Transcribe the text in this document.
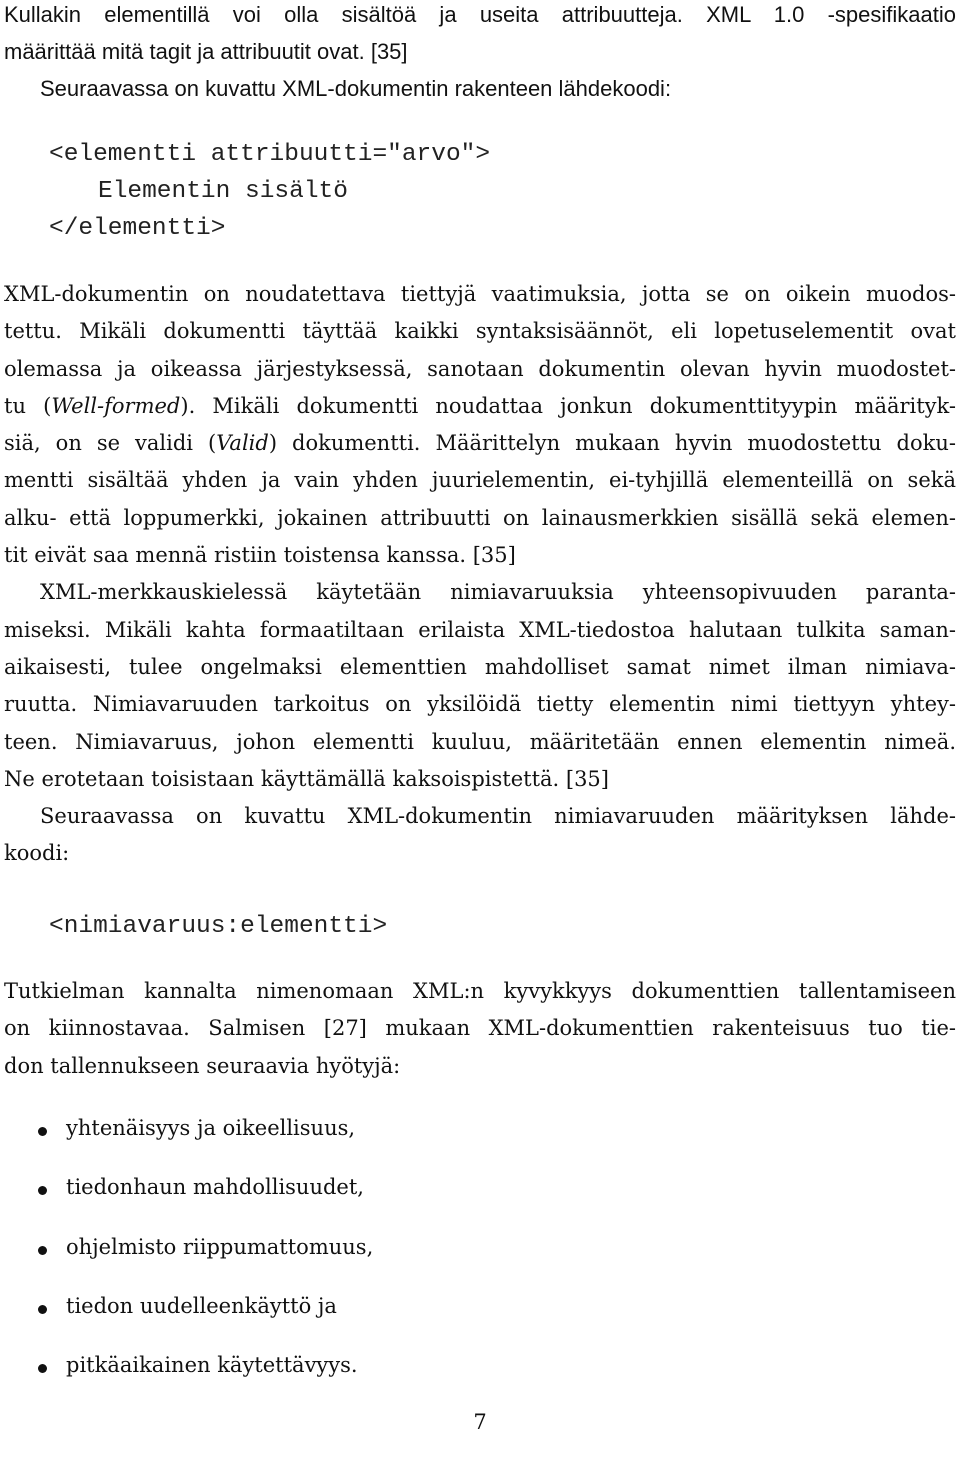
Kullakin elementillä voi olla sisältöä ja useita attribuutteja. XML 1.0 -spesifikaatio
määrittää mitä tagit ja attribuutit ovat. [35]
Seuraavassa on kuvattu XML-dokumentin rakenteen lähdekoodi:
<elementti attribuutti="arvo">
Elementin sisältö
</elementti>
XML-dokumentin on noudatettava tiettyjä vaatimuksia, jotta se on oikein muodos-
tettu. Mikäli dokumentti täyttää kaikki syntaksisäännöt, eli lopetuselementit ovat
olemassa ja oikeassa järjestyksessä, sanotaan dokumentin olevan hyvin muodostet-
tu (Well-formed). Mikäli dokumentti noudattaa jonkun dokumenttityypin määrityk-
siä, on se validi (Valid) dokumentti. Määrittelyn mukaan hyvin muodostettu doku-
mentti sisältää yhden ja vain yhden juurielementin, ei-tyhjillä elementeillä on sekä
alku- että loppumerkki, jokainen attribuutti on lainausmerkkien sisällä sekä elemen-
tit eivät saa mennä ristiin toistensa kanssa. [35]
XML-merkkauskielessä käytetään nimiavaruuksia yhteensopivuuden paranta-
miseksi. Mikäli kahta formaatiltaan erilaista XML-tiedostoa halutaan tulkita saman-
aikaisesti, tulee ongelmaksi elementtien mahdolliset samat nimet ilman nimiava-
ruutta. Nimiavaruuden tarkoitus on yksilöidä tietty elementin nimi tiettyyn yhtey-
teen. Nimiavaruus, johon elementti kuuluu, määritetään ennen elementin nimeä.
Ne erotetaan toisistaan käyttämällä kaksoispistettä. [35]
Seuraavassa on kuvattu XML-dokumentin nimiavaruuden määrityksen lähde-
koodi:
<nimiavaruus:elementti>
Tutkielman kannalta nimenomaan XML:n kyvykkyys dokumenttien tallentamiseen
on kiinnostavaa. Salmisen [27] mukaan XML-dokumenttien rakenteisuus tuo tie-
don tallennukseen seuraavia hyötyjä:
yhtenäisyys ja oikeellisuus,
tiedonhaun mahdollisuudet,
ohjelmisto riippumattomuus,
tiedon uudelleenkäyttö ja
pitkäaikainen käytettävyys.
7
